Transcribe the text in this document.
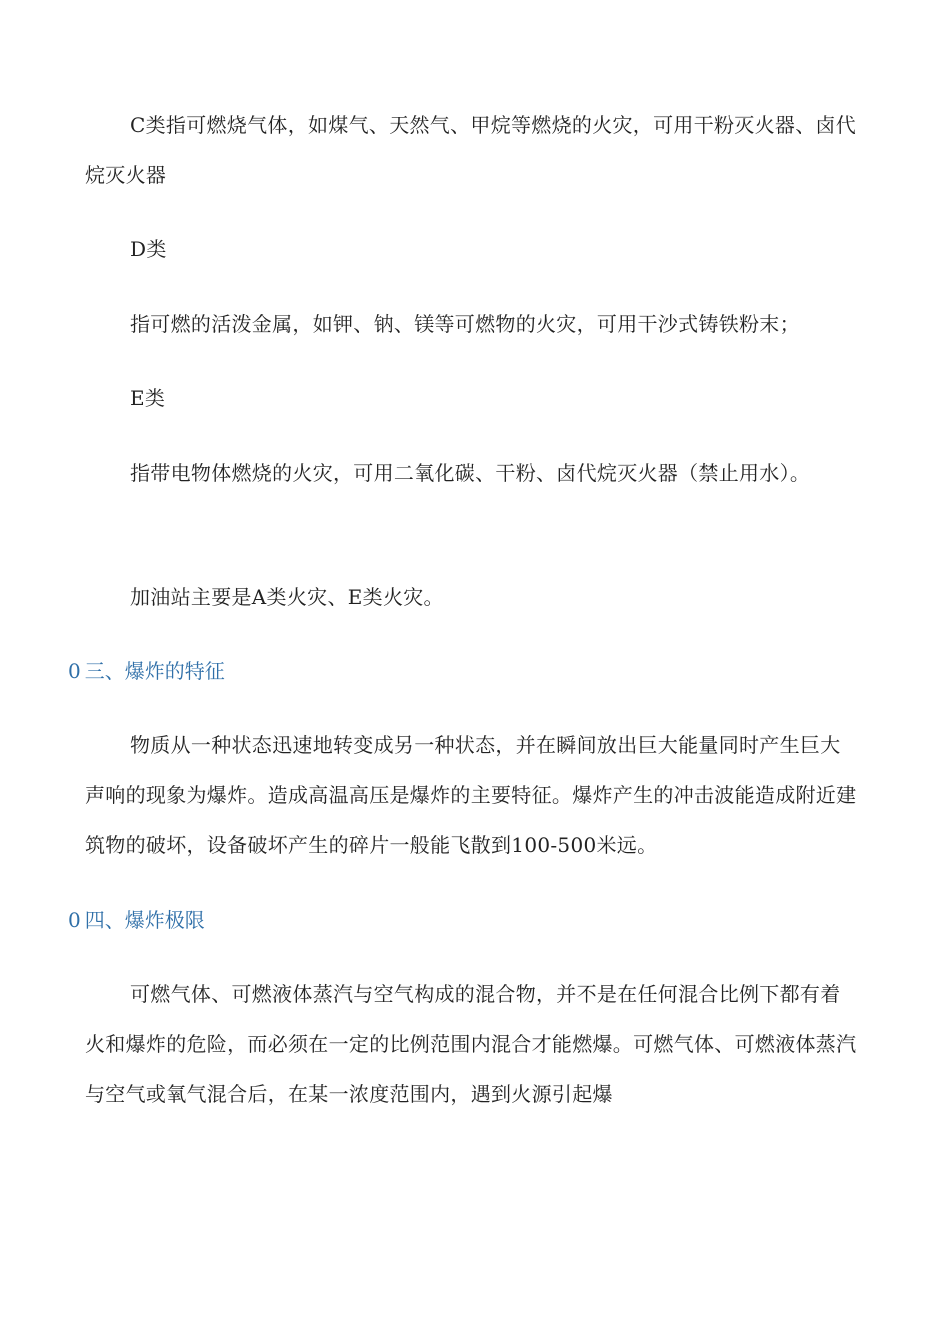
C类指可燃烧气体，如煤气、天然气、甲烷等燃烧的火灾，可用干粉灭火器、卤代烷灭火器
D类
指可燃的活泼金属，如钾、钠、镁等可燃物的火灾，可用干沙式铸铁粉末；
E类
指带电物体燃烧的火灾，可用二氧化碳、干粉、卤代烷灭火器（禁止用水）。
加油站主要是A类火灾、E类火灾。
0 三、爆炸的特征
物质从一种状态迅速地转变成另一种状态，并在瞬间放出巨大能量同时产生巨大声响的现象为爆炸。造成高温高压是爆炸的主要特征。爆炸产生的冲击波能造成附近建筑物的破坏，设备破坏产生的碎片一般能飞散到100-500米远。
0 四、爆炸极限
可燃气体、可燃液体蒸汽与空气构成的混合物，并不是在任何混合比例下都有着火和爆炸的危险，而必须在一定的比例范围内混合才能燃爆。可燃气体、可燃液体蒸汽与空气或氧气混合后，在某一浓度范围内，遇到火源引起爆
